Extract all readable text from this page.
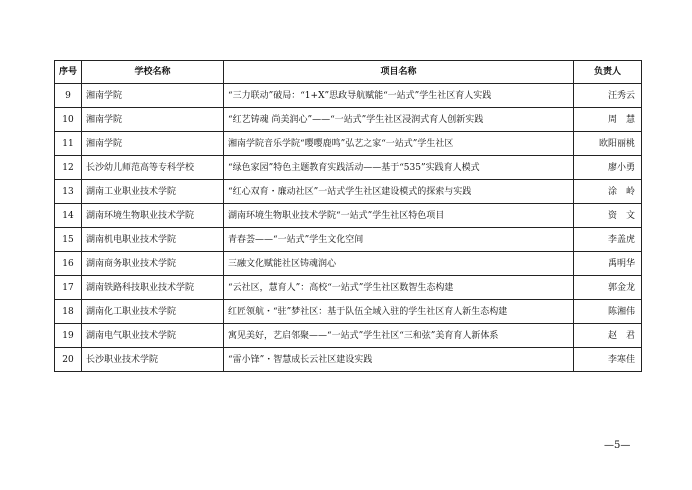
序号	学校名称	项目名称	负责人
9	湘南学院	“三力联动”破局：“1+X”思政导航赋能“一站式”学生社区育人实践	汪秀云
10	湘南学院	“红艺铸魂 尚美润心”——“一站式”学生社区浸润式育人创新实践	周　慧
11	湘南学院	湘南学院音乐学院“嘤嘤鹿鸣”弘艺之家“一站式”学生社区	欧阳丽桃
12	长沙幼儿师范高等专科学校	“绿色家园”特色主题教育实践活动——基于“535”实践育人模式	廖小勇
13	湖南工业职业技术学院	“红心双育・廉动社区”一站式学生社区建设模式的探索与实践	涂　岭
14	湖南环境生物职业技术学院	湖南环境生物职业技术学院“一站式”学生社区特色项目	资　文
15	湖南机电职业技术学院	青春荟——“一站式”学生文化空间	李盖虎
16	湖南商务职业技术学院	三融文化赋能社区铸魂润心	禹明华
17	湖南铁路科技职业技术学院	“云社区，慧育人”：高校“一站式”学生社区数智生态构建	郭金龙
18	湖南化工职业技术学院	红匠领航・“驻”梦社区：基于队伍全域入驻的学生社区育人新生态构建	陈湘伟
19	湖南电气职业技术学院	寓见美好，艺启邻聚——“一站式”学生社区“三和弦”美育育人新体系	赵　君
20	长沙职业技术学院	“雷小锋”・智慧成长云社区建设实践	李寒佳
—5—
